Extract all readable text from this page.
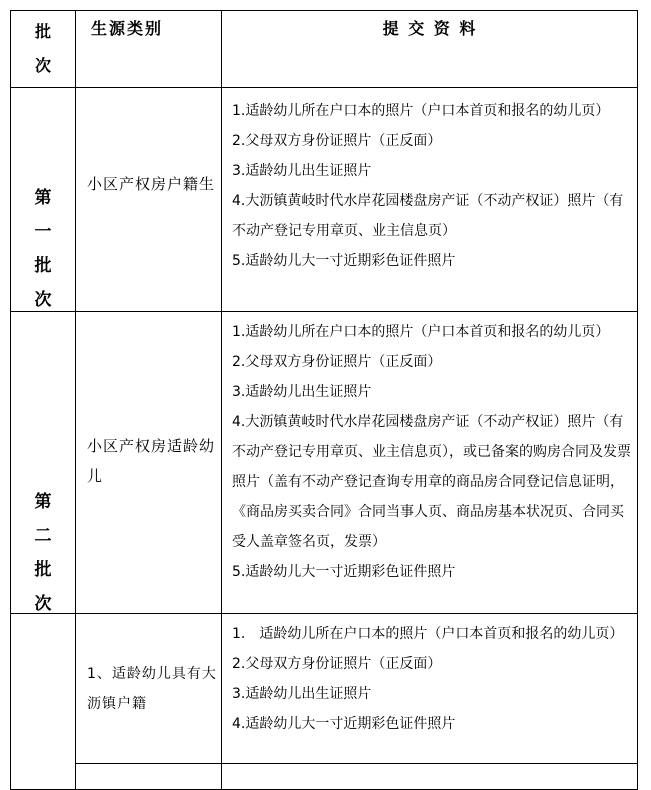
批
次
生源类别	提 交 资 料
第
一
批
次
小区产权房户籍生
1.适龄幼儿所在户口本的照片（户口本首页和报名的幼儿页）
2.父母双方身份证照片（正反面）
3.适龄幼儿出生证照片
4.大沥镇黄岐时代水岸花园楼盘房产证（不动产权证）照片（有不动产登记专用章页、业主信息页）
5.适龄幼儿大一寸近期彩色证件照片
第
二
批
次
小区产权房适龄幼儿
1.适龄幼儿所在户口本的照片（户口本首页和报名的幼儿页）
2.父母双方身份证照片（正反面）
3.适龄幼儿出生证照片
4.大沥镇黄岐时代水岸花园楼盘房产证（不动产权证）照片（有不动产登记专用章页、业主信息页），或已备案的购房合同及发票照片（盖有不动产登记查询专用章的商品房合同登记信息证明，《商品房买卖合同》合同当事人页、商品房基本状况页、合同买受人盖章签名页，发票）
5.适龄幼儿大一寸近期彩色证件照片
1、适龄幼儿具有大沥镇户籍
1.　适龄幼儿所在户口本的照片（户口本首页和报名的幼儿页）
2.父母双方身份证照片（正反面）
3.适龄幼儿出生证照片
4.适龄幼儿大一寸近期彩色证件照片
